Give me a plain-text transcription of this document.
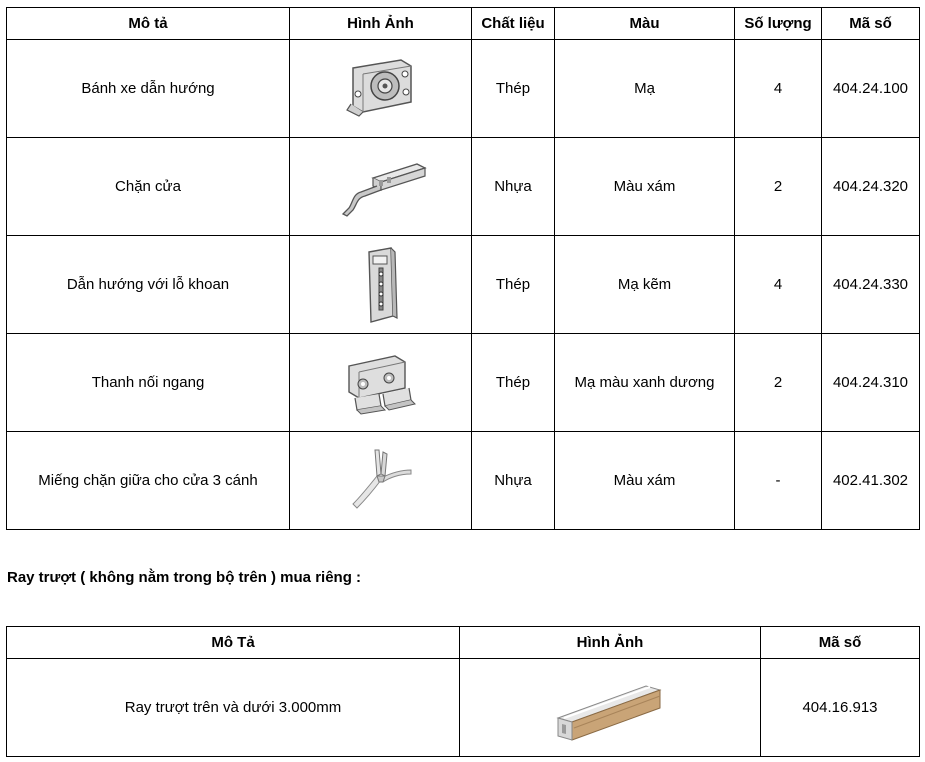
Mô tả	Hình Ảnh	Chất liệu	Màu	Số lượng	Mã số
Bánh xe dẫn hướng		Thép	Mạ	4	404.24.100
Chặn cửa		Nhựa	Màu xám	2	404.24.320
Dẫn hướng với lỗ khoan		Thép	Mạ kẽm	4	404.24.330
Thanh nối ngang		Thép	Mạ màu xanh dương	2	404.24.310
Miếng chặn giữa cho cửa 3 cánh		Nhựa	Màu xám	-	402.41.302
Ray trượt ( không nằm trong bộ trên ) mua riêng :
Mô Tả	Hình Ảnh	Mã số
Ray trượt trên và dưới 3.000mm		404.16.913
